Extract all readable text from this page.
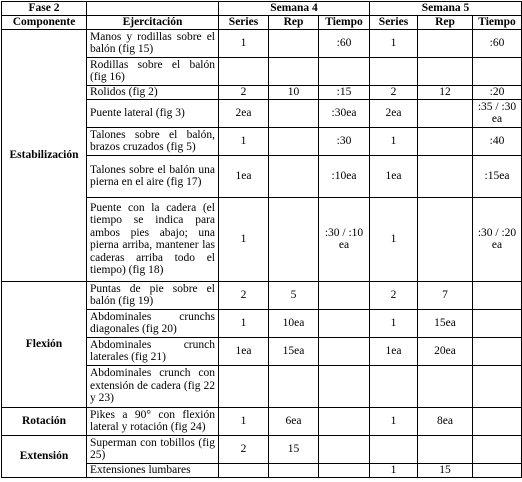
Fase 2		Semana 4			Semana 5		
Componente	Ejercitación	Series	Rep	Tiempo	Series	Rep	Tiempo
Estabilización	Manos y rodillas sobre el balón (fig 15)	1		:60	1		:60
	Rodillas sobre el balón (fig 16)						
	Rolidos (fig 2)	2	10	:15	2	12	:20
	Puente lateral (fig 3)	2ea		:30ea	2ea		:35 / :30 ea
	Talones sobre el balón, brazos cruzados (fig 5)	1		:30	1		:40
	Talones sobre el balón una pierna en el aire (fig 17)	1ea		:10ea	1ea		:15ea
	Puente con la cadera (el tiempo se indica para ambos pies abajo; una pierna arriba, mantener las caderas arriba todo el tiempo) (fig 18)	1		:30 / :10 ea	1		:30 / :20 ea
Flexión	Puntas de pie sobre el balón (fig 19)	2	5		2	7	
	Abdominales crunchs diagonales (fig 20)	1	10ea		1	15ea	
	Abdominales crunch laterales (fig 21)	1ea	15ea		1ea	20ea	
	Abdominales crunch con extensión de cadera (fig 22 y 23)						
Rotación	Pikes a 90° con flexión lateral y rotación (fig 24)	1	6ea		1	8ea	
Extensión	Superman con tobillos (fig 25)	2	15				
	Extensiones lumbares				1	15	
